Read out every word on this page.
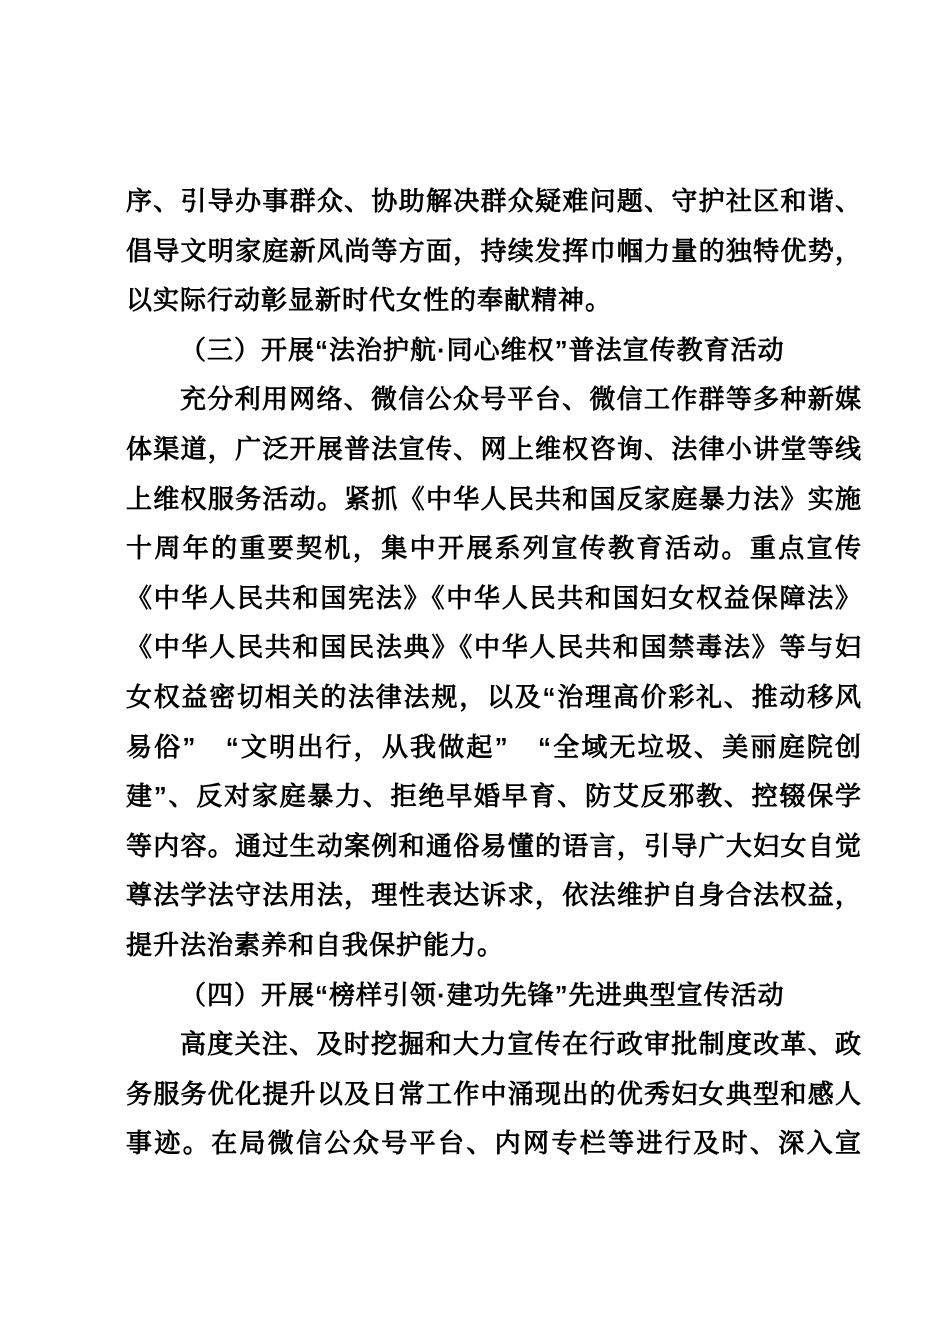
序、引导办事群众、协助解决群众疑难问题、守护社区和谐、
倡导文明家庭新风尚等方面，持续发挥巾帼力量的独特优势，
以实际行动彰显新时代女性的奉献精神。
（三）开展“法治护航·同心维权”普法宣传教育活动
充分利用网络、微信公众号平台、微信工作群等多种新媒
体渠道，广泛开展普法宣传、网上维权咨询、法律小讲堂等线
上维权服务活动。紧抓《中华人民共和国反家庭暴力法》实施
十周年的重要契机，集中开展系列宣传教育活动。重点宣传
《中华人民共和国宪法》《中华人民共和国妇女权益保障法》
《中华人民共和国民法典》《中华人民共和国禁毒法》等与妇
女权益密切相关的法律法规，以及“治理高价彩礼、推动移风
易俗”　“文明出行，从我做起”　“全域无垃圾、美丽庭院创
建”、反对家庭暴力、拒绝早婚早育、防艾反邪教、控辍保学
等内容。通过生动案例和通俗易懂的语言，引导广大妇女自觉
尊法学法守法用法，理性表达诉求，依法维护自身合法权益，
提升法治素养和自我保护能力。
（四）开展“榜样引领·建功先锋”先进典型宣传活动
高度关注、及时挖掘和大力宣传在行政审批制度改革、政
务服务优化提升以及日常工作中涌现出的优秀妇女典型和感人
事迹。在局微信公众号平台、内网专栏等进行及时、深入宣
